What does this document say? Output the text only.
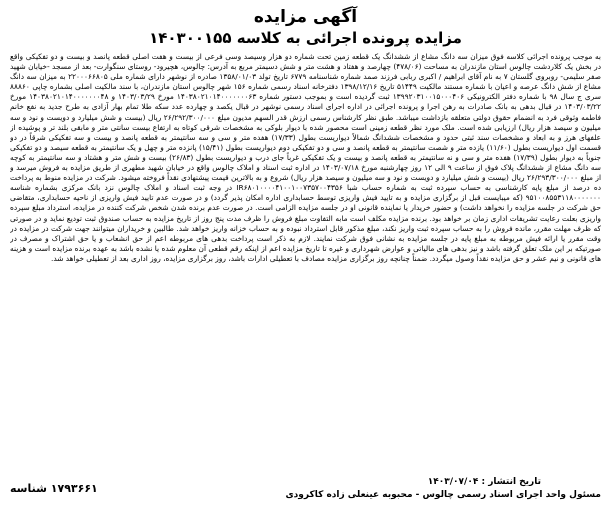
آگهی مزایده
مزایده پرونده اجرائی به کلاسه ۱۴۰۳۰۰۱۵۵

به موجب پرونده اجرائی کلاسه فوق میزان سه دانگ مشاع از ششدانگ یک قطعه زمین تحت شماره دو هزار وسیصد وسی فرعی از بیست و هفت اصلی قطعه پانصد و بیست و دو تفکیکی واقع در بخش یک کلاردشت چالوس استان مازندران به مساحت (۴۷۸/۰۶) چهارصد و هفتاد و هشت متر و شش دسیمتر مربع به آدرس: چالوس، هچیرود- روستای سنگوارت- بعد از مسجد -خیابان شهید صفر سلیمی- روبروی گلستان ۷ به نام آقای ابراهیم / اکبری ربابی فرزند صمد شماره شناسنامه ۶۷۷۹ تاریخ تولد ۱۳۵۸/۰۱/۰۳ صادره از نوشهر دارای شماره ملی ۲۲۰۰۰۶۶۸۰۵ به میزان سه دانگ مشاع از شش دانگ عرصه و اعیان با شماره مستند مالکیت ۵۱۴۴۹ تاریخ ۱۳۹۸/۱۲/۱۶ دفترخانه اسناد رسمی شماره ۱۵۶ شهر چالوس استان مازندران، با سند مالکیت اصلی بشماره چاپی ۸۸۸۶۰ سری ج سال ۹۸ با شماره دفتر الکترونیکی ۱۳۹۹۲۰۳۱۰۰۱۵۰۰۰۴۰۶ ثبت گردیده است و بموجب دستور شماره ۱۴۰۳۸۰۲۱۰۱۴۰۰۰۰۰۰۰۶۳ مورخ ۱۴۰۳/۰۳/۲۹ و ۱۴۰۳۸۰۲۱۰۱۴۰۰۰۰۰۰۰۴۸ مورخ ۱۴۰۳/۰۳/۲۲ در قبال بدهی به بانک صادرات به رهن اجرا و پرونده اجرائی در اداره اجرای اسناد رسمی نوشهر در قبال یکصد و چهارده عدد سکه طلا تمام بهار آزادی به طرح جدید به نفع خانم فاطمه وثوقی فرد به انضمام حقوق دولتی متعلقه بازداشت میباشد. طبق نظر کارشناس رسمی ارزش قدر السهم مدیون مبلغ ۲۶/۲۹۲/۳۰۰/۰۰۰ ریال (بیست و شش میلیارد و دویست و نود و سه میلیون و سیصد هزار ریال) ارزیابی شده است. ملک مورد نظر قطعه زمینی است محصور شده با دیوار بلوکی به مشخصات شرقی کوتاه به ارتفاع بیست سانتی متر و مابقی بلند تر و پوشیده از علفهای هرز و به ابعاد و مشخصات سند ثبتی حدود و مشخصات ششدانگ شمالاً دیواریست بطول (۱۷/۳۳) هفده متر و سی و سه سانتیمتر به قطعه پانصد و بیست و سه تفکیکی شرقاً در دو قسمت اول دیواریست بطول (۱۱/۶۰) یازده متر و شصت سانتیمتر به قطعه پانصد و سی و دو تفکیکی دوم دیواریست بطول (۱۵/۴۱) پانزده متر و چهل و یک سانتیمتر به قطعه سیصد و دو تفکیکی جنوباً به دیوار بطول (۱۷/۳۹) هفده متر و سی و نه سانتیمتر به قطعه پانصد و بیست و یک تفکیکی غرباً جای درب و دیواریست بطول (۲۶/۸۳) بیست و شش متر و هشتاد و سه سانتیمتر به کوچه سه دانگ مشاع از ششدانگ پلاک فوق از ساعت ۹ الی ۱۲ روز چهارشنبه مورخ ۱۴۰۳/۰۷/۱۸ در اداره ثبت اسناد و املاک چالوس واقع در خیابان شهید مطهری از طریق مزایده به فروش میرسد و از مبلغ ۲۶/۲۹۳/۳۰۰/۰۰۰ ریال (بیست و شش میلیارد و دویست و نود و سه میلیون و سیصد هزار ریال) شروع و به بالاترین قیمت پیشنهادی نقداً فروخته میشود. شرکت در مزایده منوط به پرداخت ده درصد از مبلغ پایه کارشناسی به حساب سپرده ثبت به شماره حساب شبا IR۶۸۰۱۰۰۰۰۴۱۰۰۱۰۰۷۳۵۷۰۰۴۳۵۶ در وجه ثبت اسناد و املاک چالوس نزد بانک مرکزی بشماره شناسه ۹۵۱۰۰۸۵۵۳۱۱۸۰۰۰۰۰۰۰ (که میبایست قبل از برگزاری مزایده و به تایید فیش واریزی توسط حسابداری اداره امکان پذیر گردد) و در صورت عدم تایید فیش واریزی از ناحیه حسابداری، متقاضی حق شرکت در جلسه مزایده را نخواهد داشت) و حضور خریدار یا نماینده قانونی او در جلسه مزایده الزامی است. در صورت عدم برنده شدن شخص شرکت کننده در مزایده، استرداد مبلغ سپرده واریزی بعلت رعایت تشریفات اداری زمان بر خواهد بود. برنده مزایده مکلف است مابه التفاوت مبلغ فروش را ظرف مدت پنج روز از تاریخ مزایده به حساب صندوق ثبت تودیع نماید و در صورتی که ظرف مهلت مقرر، مانده فروش را به حساب سپرده ثبت واریز نکند، مبلغ مذکور قابل استرداد نبوده و به حساب خزانه واریز خواهد شد. طالبین و خریداران میتوانند جهت شرکت در مزایده در وقت مقرر یا ارائه فیش مربوطه به مبلغ پایه در جلسه مزایده به نشانی فوق شرکت نمایند. لازم به ذکر است پرداخت بدهی های مربوطه اعم از حق انشعاب و یا حق اشتراک و مصرف در صورتیکه بر این ملک تعلق گرفته باشد و نیز بدهی های مالیاتی و عوارض شهرداری و غیره تا تاریخ مزایده اعم از اینکه رقم قطعی آن معلوم شده یا نشده باشد به عهده برنده مزایده است و هزینه های قانونی و نیم عشر و حق مزایده نقداً وصول میگردد. ضمناً چنانچه روز برگزاری مزایده مصادف با تعطیلی ادارات باشد، روز برگزاری مزایده، روز اداری بعد از تعطیلی خواهد شد.

تاریخ انتشار : ۱۴۰۳/۰۷/۰۴
مسئول واحد اجرای اسناد رسمی چالوس - محبوبه عینعلی زاده کاکرودی
۱۷۹۳۶۶۱ شناسه
